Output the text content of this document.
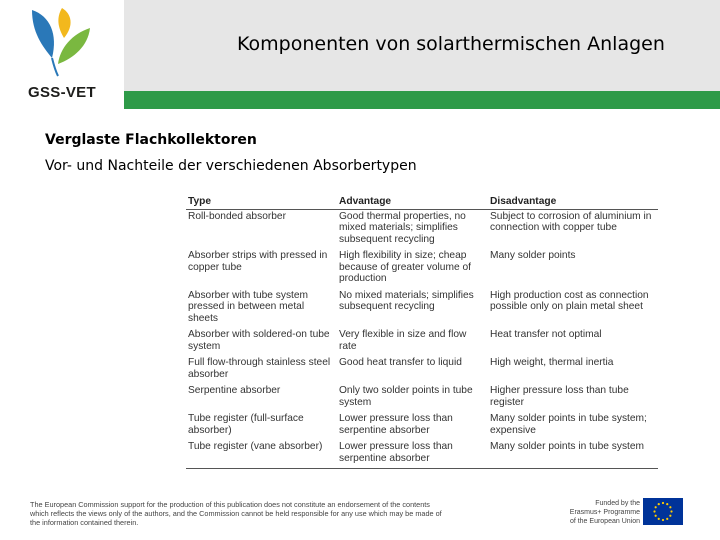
GSS-VET
Komponenten von solarthermischen Anlagen
Verglaste Flachkollektoren
Vor- und Nachteile der verschiedenen Absorbertypen
Type	Advantage	Disadvantage
Roll-bonded absorber	Good thermal properties, no mixed materials; simplifies subsequent recycling	Subject to corrosion of aluminium in connection with copper tube
Absorber strips with pressed in copper tube	High flexibility in size; cheap because of greater volume of production	Many solder points
Absorber with tube system pressed in between metal sheets	No mixed materials; simplifies subsequent recycling	High production cost as connection possible only on plain metal sheet
Absorber with soldered-on tube system	Very flexible in size and flow rate	Heat transfer not optimal
Full flow-through stainless steel absorber	Good heat transfer to liquid	High weight, thermal inertia
Serpentine absorber	Only two solder points in tube system	Higher pressure loss than tube register
Tube register (full-surface absorber)	Lower pressure loss than serpentine absorber	Many solder points in tube system; expensive
Tube register (vane absorber)	Lower pressure loss than serpentine absorber	Many solder points in tube system
The European Commission support for the production of this publication does not constitute an endorsement of the contents which reflects the views only of the authors, and the Commission cannot be held responsible for any use which may be made of the information contained therein.
Funded by the
Erasmus+ Programme
of the European Union
